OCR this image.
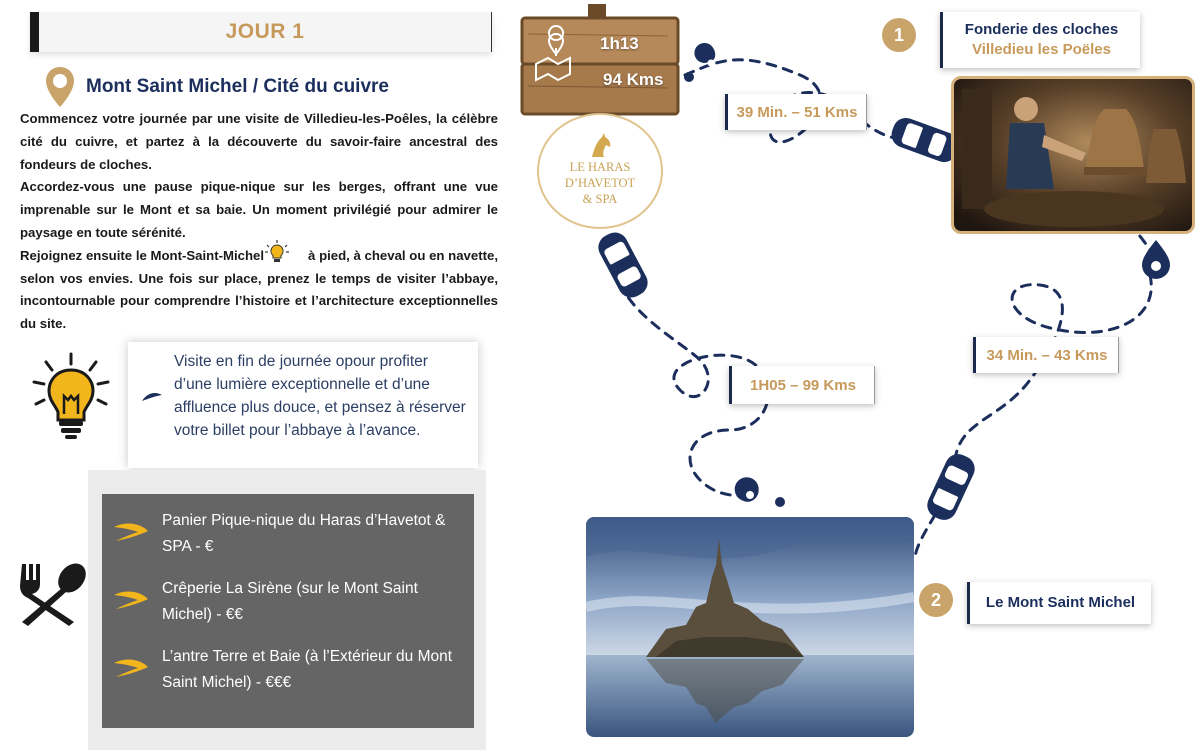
JOUR 1
Mont Saint Michel / Cité du cuivre

Commencez votre journée par une visite de Villedieu-les-Poêles, la célèbre cité du cuivre, et partez à la découverte du savoir-faire ancestral des fondeurs de cloches.

Accordez-vous une pause pique-nique sur les berges, offrant une vue imprenable sur le Mont et sa baie. Un moment privilégié pour admirer le paysage en toute sérénité.

Rejoignez ensuite le Mont-Saint-Michel	à pied, à cheval ou en navette, selon vos envies. Une fois sur place, prenez le temps de visiter l’abbaye, incontournable pour comprendre l’histoire et l’architecture exceptionnelles du site.

Visite en fin de journée opour profiter d’une lumière exceptionnelle et d’une affluence plus douce, et pensez à réserver votre billet pour l’abbaye à l’avance.

Panier Pique-nique du Haras d’Havetot & SPA - €
Crêperie La Sirène (sur le Mont Saint Michel) - €€
L’antre Terre et Baie (à l’Extérieur du Mont Saint Michel) - €€€
1h13
94 Kms
LE HARAS
D’HAVETOT
& SPA
39 Min. – 51 Kms
34 Min. – 43 Kms
1H05 – 99 Kms
1	Fonderie des cloches
Villedieu les Poëles
2	Le Mont Saint Michel
